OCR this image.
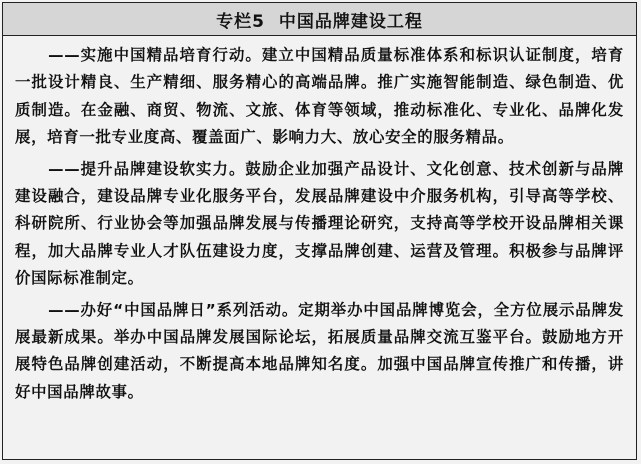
专栏5 中国品牌建设工程

——实施中国精品培育行动。建立中国精品质量标准体系和标识认证制度，培育一批设计精良、生产精细、服务精心的高端品牌。推广实施智能制造、绿色制造、优质制造。在金融、商贸、物流、文旅、体育等领域，推动标准化、专业化、品牌化发展，培育一批专业度高、覆盖面广、影响力大、放心安全的服务精品。

——提升品牌建设软实力。鼓励企业加强产品设计、文化创意、技术创新与品牌建设融合，建设品牌专业化服务平台，发展品牌建设中介服务机构，引导高等学校、科研院所、行业协会等加强品牌发展与传播理论研究，支持高等学校开设品牌相关课程，加大品牌专业人才队伍建设力度，支撑品牌创建、运营及管理。积极参与品牌评价国际标准制定。

——办好“中国品牌日”系列活动。定期举办中国品牌博览会，全方位展示品牌发展最新成果。举办中国品牌发展国际论坛，拓展质量品牌交流互鉴平台。鼓励地方开展特色品牌创建活动，不断提高本地品牌知名度。加强中国品牌宣传推广和传播，讲好中国品牌故事。
